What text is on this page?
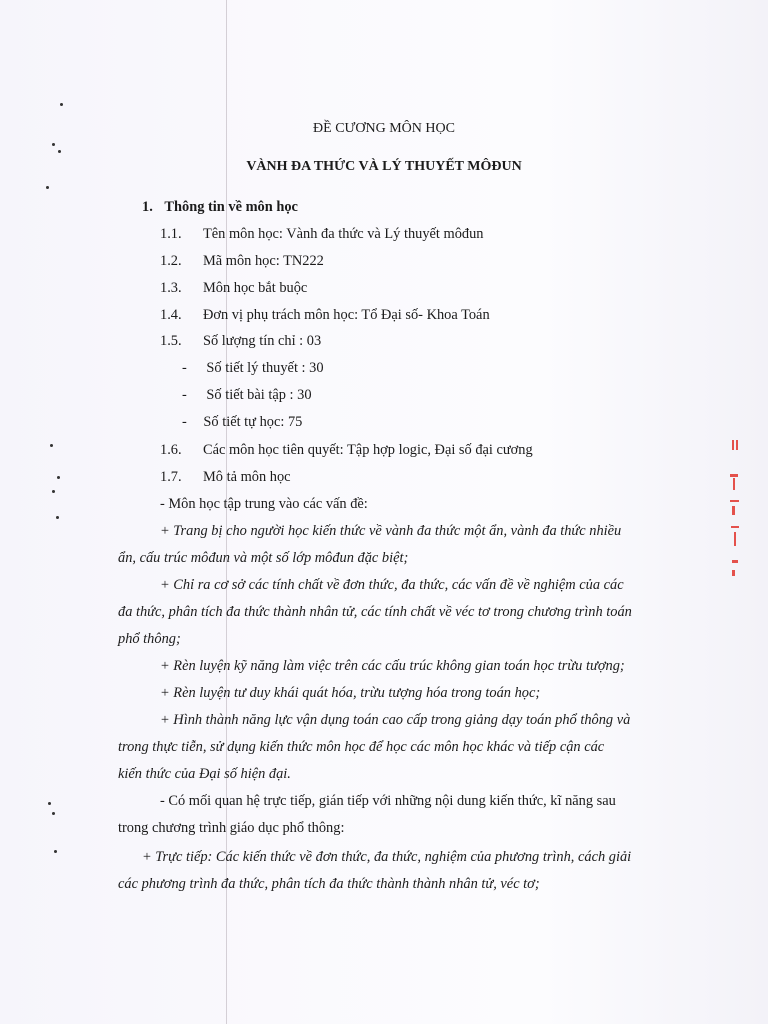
ĐỀ CƯƠNG MÔN HỌC
VÀNH ĐA THỨC VÀ LÝ THUYẾT MÔĐUN
1. Thông tin về môn học
1.1. Tên môn học: Vành đa thức và Lý thuyết môđun
1.2. Mã môn học: TN222
1.3. Môn học bắt buộc
1.4. Đơn vị phụ trách môn học: Tổ Đại số- Khoa Toán
1.5. Số lượng tín chỉ : 03
- Số tiết lý thuyết : 30
- Số tiết bài tập : 30
- Số tiết tự học: 75
1.6. Các môn học tiên quyết: Tập hợp logic, Đại số đại cương
1.7. Mô tả môn học
- Môn học tập trung vào các vấn đề:
+ Trang bị cho người học kiến thức về vành đa thức một ẩn, vành đa thức nhiều
ẩn, cấu trúc môđun và một số lớp môđun đặc biệt;
+ Chỉ ra cơ sở các tính chất về đơn thức, đa thức, các vấn đề về nghiệm của các
đa thức, phân tích đa thức thành nhân tử, các tính chất về véc tơ trong chương trình toán
phổ thông;
+ Rèn luyện kỹ năng làm việc trên các cấu trúc không gian toán học trừu tượng;
+ Rèn luyện tư duy khái quát hóa, trừu tượng hóa trong toán học;
+ Hình thành năng lực vận dụng toán cao cấp trong giảng dạy toán phổ thông và
trong thực tiễn, sử dụng kiến thức môn học để học các môn học khác và tiếp cận các
kiến thức của Đại số hiện đại.
- Có mối quan hệ trực tiếp, gián tiếp với những nội dung kiến thức, kĩ năng sau
trong chương trình giáo dục phổ thông:
+ Trực tiếp: Các kiến thức về đơn thức, đa thức, nghiệm của phương trình, cách giải
các phương trình đa thức, phân tích đa thức thành thành nhân tử, véc tơ;
